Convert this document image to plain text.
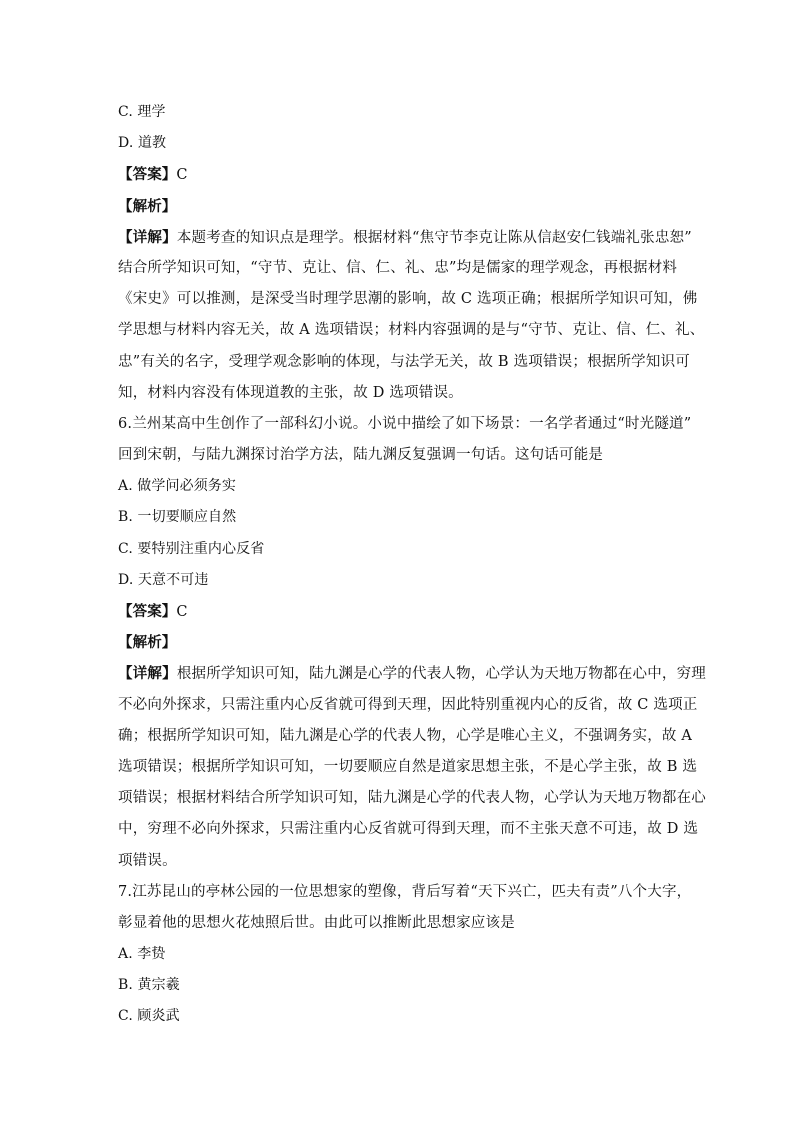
C. 理学
D. 道教
【答案】C
【解析】
【详解】本题考查的知识点是理学。根据材料“焦守节李克让陈从信赵安仁钱端礼张忠恕”
结合所学知识可知，“守节、克让、信、仁、礼、忠”均是儒家的理学观念，再根据材料
《宋史》可以推测，是深受当时理学思潮的影响，故 C 选项正确；根据所学知识可知，佛
学思想与材料内容无关，故 A 选项错误；材料内容强调的是与“守节、克让、信、仁、礼、
忠”有关的名字，受理学观念影响的体现，与法学无关，故 B 选项错误；根据所学知识可
知，材料内容没有体现道教的主张，故 D 选项错误。
6.兰州某高中生创作了一部科幻小说。小说中描绘了如下场景：一名学者通过“时光隧道”
回到宋朝，与陆九渊探讨治学方法，陆九渊反复强调一句话。这句话可能是
A. 做学问必须务实
B. 一切要顺应自然
C. 要特别注重内心反省
D. 天意不可违
【答案】C
【解析】
【详解】根据所学知识可知，陆九渊是心学的代表人物，心学认为天地万物都在心中，穷理
不必向外探求，只需注重内心反省就可得到天理，因此特别重视内心的反省，故 C 选项正
确；根据所学知识可知，陆九渊是心学的代表人物，心学是唯心主义，不强调务实，故 A
选项错误；根据所学知识可知，一切要顺应自然是道家思想主张，不是心学主张，故 B 选
项错误；根据材料结合所学知识可知，陆九渊是心学的代表人物，心学认为天地万物都在心
中，穷理不必向外探求，只需注重内心反省就可得到天理，而不主张天意不可违，故 D 选
项错误。
7.江苏昆山的亭林公园的一位思想家的塑像，背后写着“天下兴亡，匹夫有责”八个大字，
彰显着他的思想火花烛照后世。由此可以推断此思想家应该是
A. 李贽
B. 黄宗羲
C. 顾炎武
